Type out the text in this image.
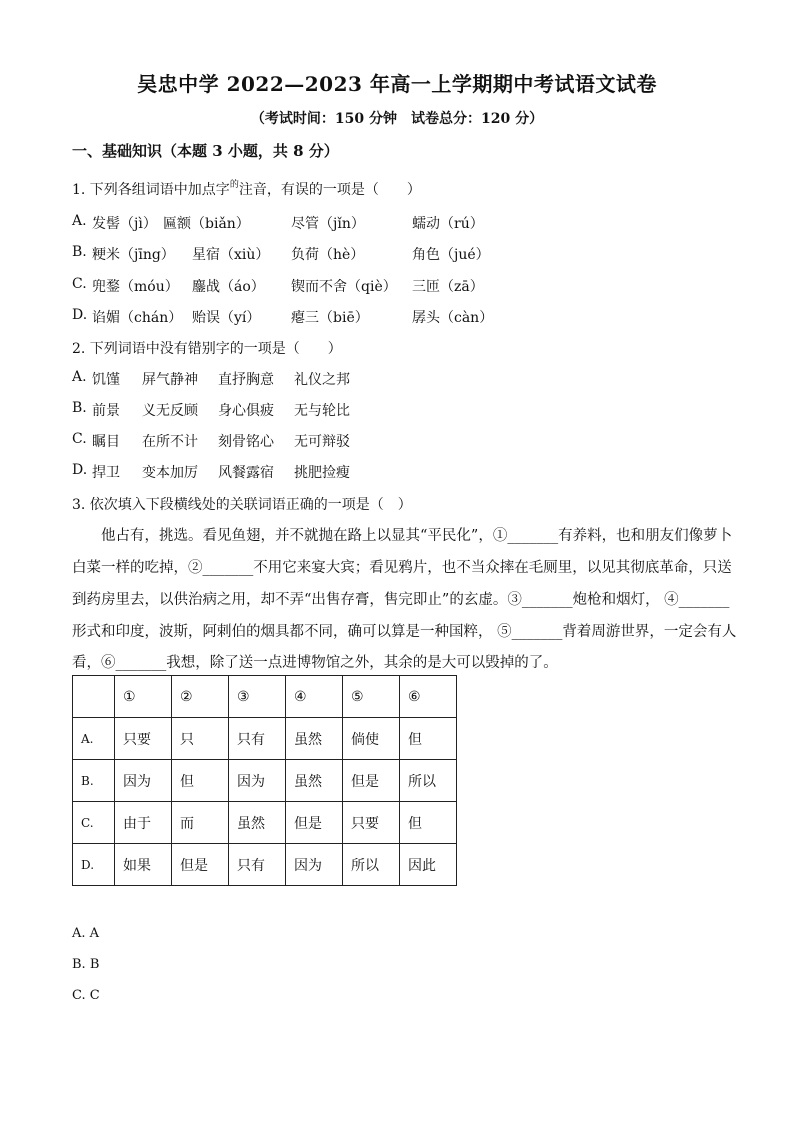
吴忠中学 2022—2023 年高一上学期期中考试语文试卷
（考试时间：150 分钟　试卷总分：120 分）
一、基础知识（本题 3 小题，共 8 分）
1. 下列各组词语中加点字$^的$注音，有误的一项是（　　）
A. 发髻（jì） 匾额（biǎn）	尽管（jǐn）	蠕动（rú）
B. 粳米（jīng） 星宿（xiù） 负荷（hè）	角色（jué）
C. 兜鍪（móu） 鏖战（áo） 锲而不舍（qiè） 三匝（zā）
D. 谄媚（chán） 贻误（yí） 瘪三（biē）	孱头（càn）
2. 下列词语中没有错别字的一项是（　　）
A. 饥馑 屏气静神 直抒胸意 礼仪之邦
B. 前景 义无反顾 身心俱疲 无与轮比
C. 瞩目 在所不计 刻骨铭心 无可辩驳
D. 捍卫 变本加厉 风餐露宿 挑肥捡瘦
3. 依次填入下段横线处的关联词语正确的一项是（　）
　　他占有，挑选。看见鱼翅，并不就抛在路上以显其“平民化”，①_______有养料，也和朋友们像萝卜
白菜一样的吃掉，②_______不用它来宴大宾；看见鸦片，也不当众摔在毛厕里，以见其彻底革命，只送
到药房里去，以供治病之用，却不弄“出售存膏，售完即止”的玄虚。③_______炮枪和烟灯， ④_______
形式和印度，波斯，阿剌伯的烟具都不同，确可以算是一种国粹， ⑤_______背着周游世界，一定会有人
看，⑥_______我想，除了送一点进博物馆之外，其余的是大可以毁掉的了。
	①	②	③	④	⑤	⑥
A.	只要	只	只有	虽然	倘使	但
B.	因为	但	因为	虽然	但是	所以
C.	由于	而	虽然	但是	只要	但
D.	如果	但是	只有	因为	所以	因此
A. A
B. B
C. C
